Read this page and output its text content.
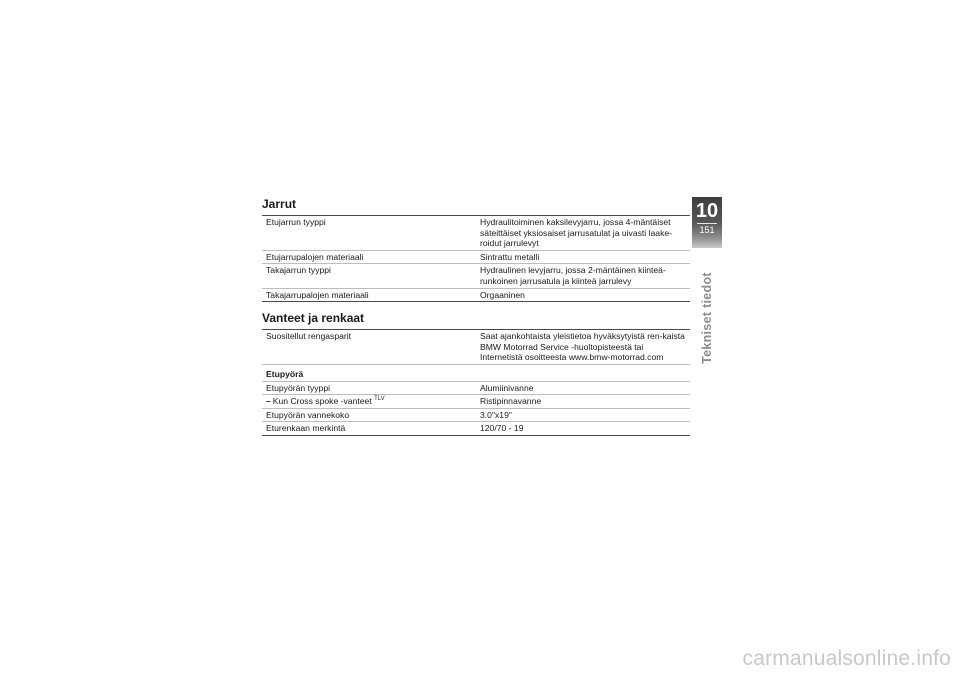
Jarrut
Etujarrun tyyppi	Hydraulitoiminen kaksilevyjarru, jossa 4-mäntäiset säteittäiset yksiosaiset jarrusatulat ja uivasti laake-roidut jarrulevyt
Etujarrupalojen materiaali	Sintrattu metalli
Takajarrun tyyppi	Hydraulinen levyjarru, jossa 2-mäntäinen kiinteä-runkoinen jarrusatula ja kiinteä jarrulevy
Takajarrupalojen materiaali	Orgaaninen
Vanteet ja renkaat
Suositellut rengasparit	Saat ajankohtaista yleistietoa hyväksytyistä ren-kaista BMW Motorrad Service -huoltopisteestä tai Internetistä osoitteesta www.bmw-motorrad.com
Etupyörä	
Etupyörän tyyppi	Alumiinivanne
– Kun Cross spoke -vanteet $^{TLV}$	Ristipinnavanne
Etupyörän vannekoko	3.0"x19"
Eturenkaan merkintä	120/70 - 19
10
151
Tekniset tiedot
carmanualsonline.info
